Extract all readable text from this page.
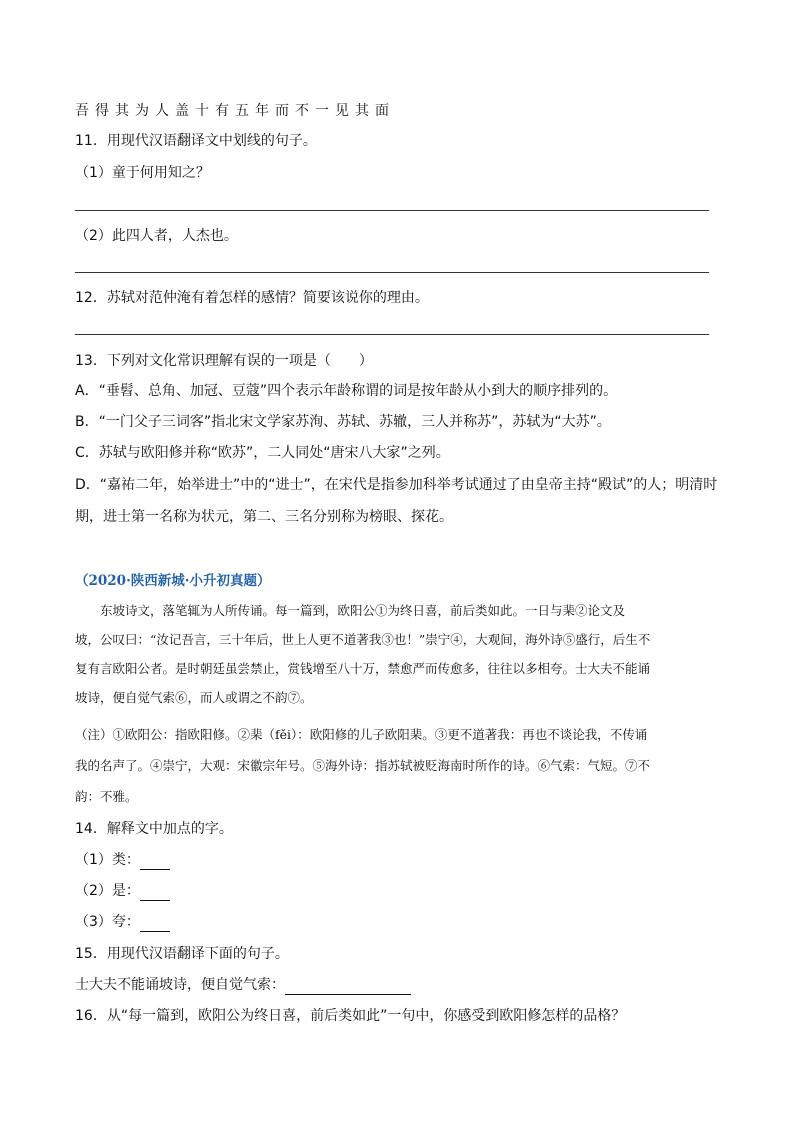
吾得其为人盖十有五年而不一见其面
11．用现代汉语翻译文中划线的句子。
（1）童于何用知之？
（2）此四人者，人杰也。
12．苏轼对范仲淹有着怎样的感情？简要该说你的理由。
13．下列对文化常识理解有误的一项是（　　）
A．“垂髫、总角、加冠、豆蔻”四个表示年龄称谓的词是按年龄从小到大的顺序排列的。
B．“一门父子三词客”指北宋文学家苏洵、苏轼、苏辙，三人并称苏”，苏轼为“大苏”。
C．苏轼与欧阳修并称“欧苏”，二人同处“唐宋八大家”之列。
D．“嘉祐二年，始举进士”中的“进士”，在宋代是指参加科举考试通过了由皇帝主持“殿试”的人；明清时
期，进士第一名称为状元，第二、三名分别称为榜眼、探花。
（2020·陕西新城·小升初真题）
　　东坡诗文，落笔辄为人所传诵。每一篇到，欧阳公①为终日喜，前后类如此。一日与棐②论文及
坡，公叹曰：“汝记吾言，三十年后，世上人更不道著我③也！”崇宁④，大观间，海外诗⑤盛行，后生不
复有言欧阳公者。是时朝廷虽尝禁止，赏钱增至八十万，禁愈严而传愈多，往往以多相夸。士大夫不能诵
坡诗，便自觉气索⑥，而人或谓之不韵⑦。
（注）①欧阳公：指欧阳修。②棐（fěi）：欧阳修的儿子欧阳棐。③更不道著我：再也不谈论我，不传诵
我的名声了。④崇宁，大观：宋徽宗年号。⑤海外诗：指苏轼被贬海南时所作的诗。⑥气索：气短。⑦不
韵：不雅。
14．解释文中加点的字。
（1）类：
（2）是：
（3）夸：
15．用现代汉语翻译下面的句子。
士大夫不能诵坡诗，便自觉气索：
16．从“每一篇到，欧阳公为终日喜，前后类如此”一句中，你感受到欧阳修怎样的品格？
